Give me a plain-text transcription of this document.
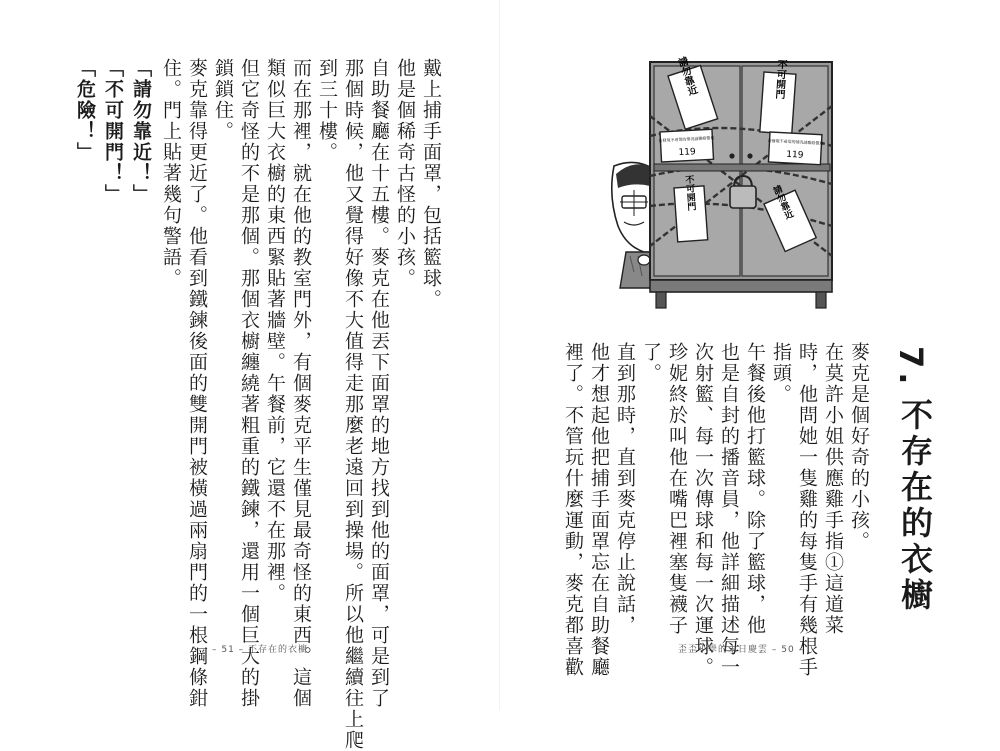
戴上捕手面罩，包括籃球。
他是個稀奇古怪的小孩。
自助餐廳在十五樓。麥克在他丟下面罩的地方找到他的面罩，可是到了
那個時候，他又覺得好像不大值得走那麼老遠回到操場。所以他繼續往上爬
到三十樓。
而在那裡，就在他的教室門外，有個麥克平生僅見最奇怪的東西。這個
類似巨大衣櫥的東西緊貼著牆壁。午餐前，它還不在那裡。
但它奇怪的不是那個。那個衣櫥纏繞著粗重的鐵鍊，還用一個巨大的掛
鎖鎖住。
麥克靠得更近了。他看到鐵鍊後面的雙開門被橫過兩扇門的一根鋼條鉗
住。門上貼著幾句警語。
「請勿靠近！」
「不可開門！」
「危險！」
– 51 – 不存在的衣櫥
請勿靠近	不可開門
若發現不尋常的情況請聯絡警局
119
若發現不尋常的情況請聯絡警局
119
不可開門	請勿靠近
7.
不存在的衣櫥
麥克是個好奇的小孩。
在莫許小姐供應雞手指①這道菜
時，他問她一隻雞的每隻手有幾根手
指頭。
午餐後他打籃球。除了籃球，他
也是自封的播音員，他詳細描述每一
次射籃、每一次傳球和每一次運球。
珍妮終於叫他在嘴巴裡塞隻襪子
了。
直到那時，直到麥克停止說話，
他才想起他把捕手面罩忘在自助餐廳
裡了。不管玩什麼運動，麥克都喜歡	歪歪小學的末日慶雲 – 50 –
